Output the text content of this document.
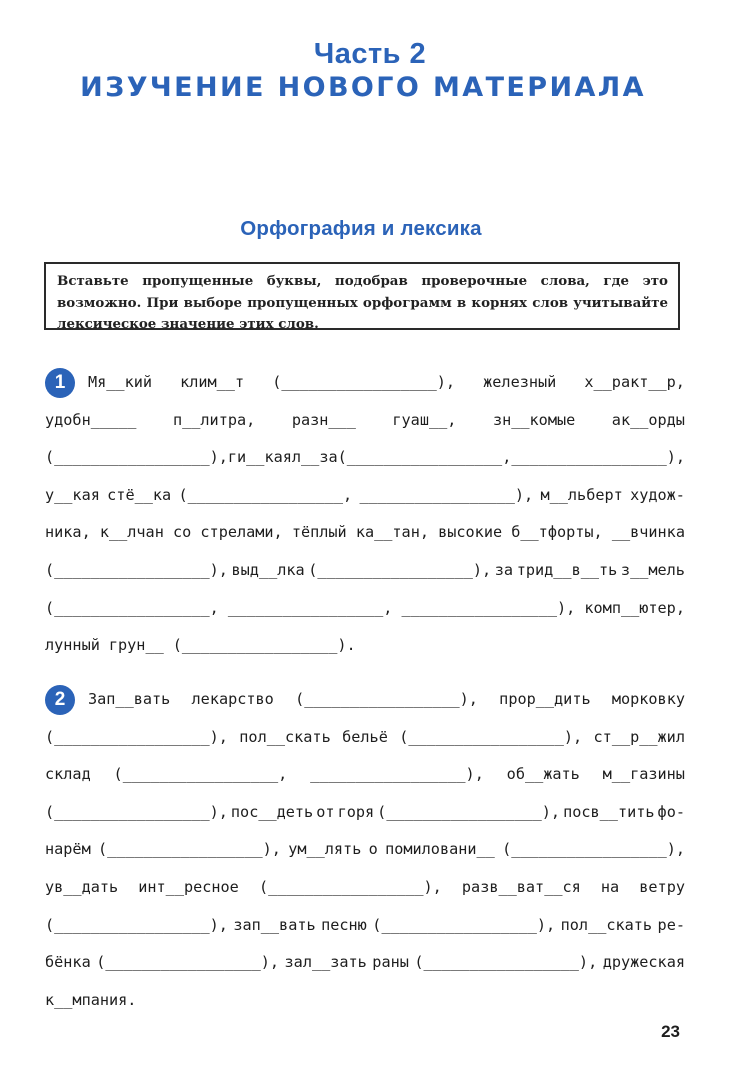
Часть 2
ИЗУЧЕНИЕ НОВОГО МАТЕРИАЛА
Орфография и лексика

Вставьте пропущенные буквы, подобрав проверочные слова, где это возможно. При выборе пропущенных орфограмм в корнях слов учитывайте лексическое значение этих слов.

1	Мя__кий клим__т (_________________), железный х__ракт__р,
удобн_____ п__литра, разн___ гуаш__, зн__комые ак__орды
(_________________), ги__кая л__за (_________________, _________________),
у__кая стё__ка (_________________, _________________), м__льберт худож-
ника, к__лчан со стрелами, тёплый ка__тан, высокие б__тфорты, __вчинка
(_________________), выд__лка (_________________), за трид__в__ть з__мель
(_________________, _________________, _________________), комп__ютер,
лунный грун__ (_________________).
2	Зап__вать лекарство (_________________), прор__дить морковку
(_________________), пол__скать бельё (_________________), ст__р__жил
склад (_________________, _________________), об__жать м__газины
(_________________), пос__деть от горя (_________________), посв__тить фо-
нарём (_________________), ум__лять о помиловани__ (_________________),
ув__дать инт__ресное (_________________), разв__ват__ся на ветру
(_________________), зап__вать песню (_________________), пол__скать ре-
бёнка (_________________), зал__зать раны (_________________), дружеская
к__мпания.

23
